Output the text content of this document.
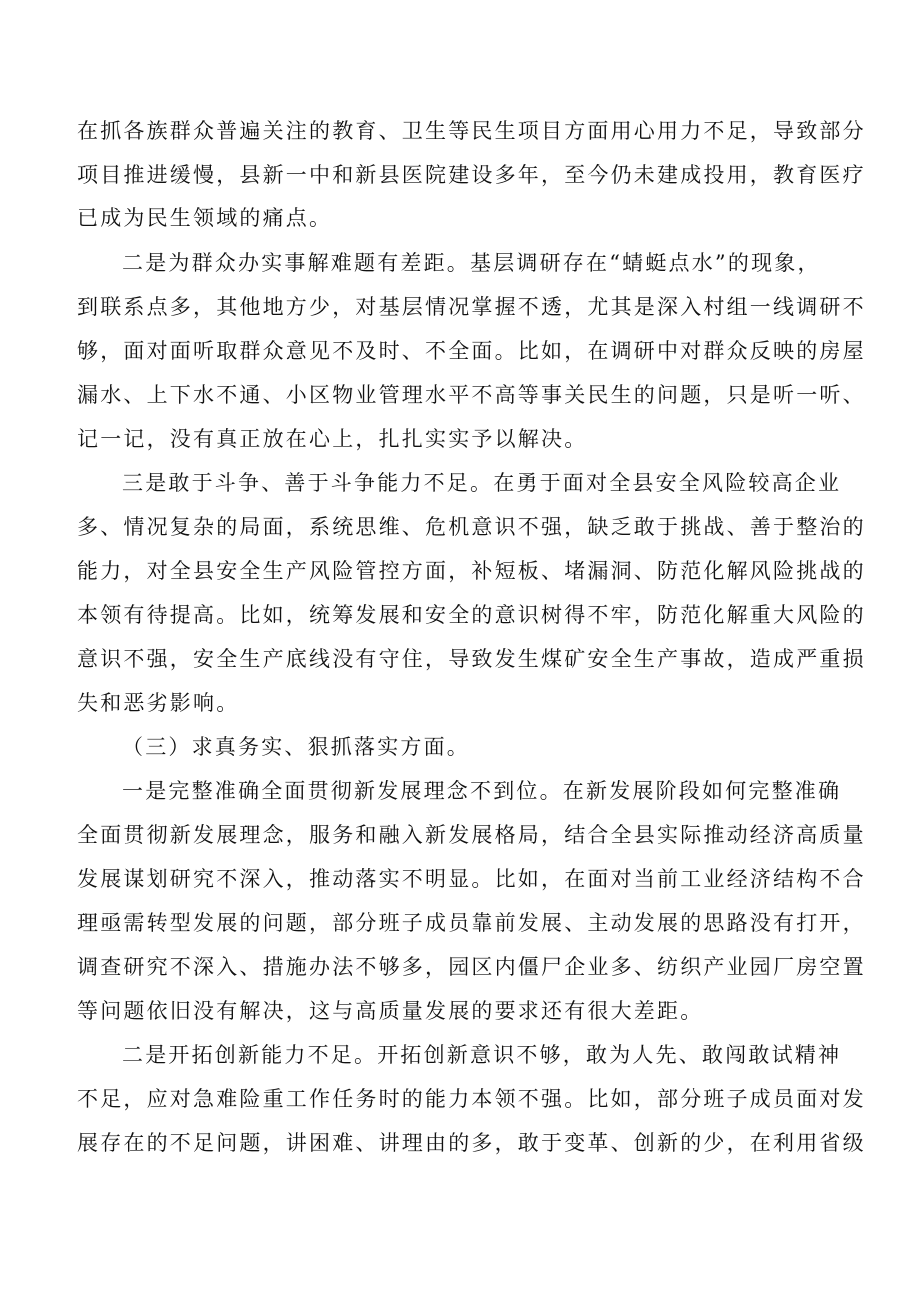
在抓各族群众普遍关注的教育、卫生等民生项目方面用心用力不足，导致部分
项目推进缓慢，县新一中和新县医院建设多年，至今仍未建成投用，教育医疗
已成为民生领域的痛点。
二是为群众办实事解难题有差距。基层调研存在“蜻蜓点水”的现象，
到联系点多，其他地方少，对基层情况掌握不透，尤其是深入村组一线调研不
够，面对面听取群众意见不及时、不全面。比如，在调研中对群众反映的房屋
漏水、上下水不通、小区物业管理水平不高等事关民生的问题，只是听一听、
记一记，没有真正放在心上，扎扎实实予以解决。
三是敢于斗争、善于斗争能力不足。在勇于面对全县安全风险较高企业
多、情况复杂的局面，系统思维、危机意识不强，缺乏敢于挑战、善于整治的
能力，对全县安全生产风险管控方面，补短板、堵漏洞、防范化解风险挑战的
本领有待提高。比如，统筹发展和安全的意识树得不牢，防范化解重大风险的
意识不强，安全生产底线没有守住，导致发生煤矿安全生产事故，造成严重损
失和恶劣影响。
（三）求真务实、狠抓落实方面。
一是完整准确全面贯彻新发展理念不到位。在新发展阶段如何完整准确
全面贯彻新发展理念，服务和融入新发展格局，结合全县实际推动经济高质量
发展谋划研究不深入，推动落实不明显。比如，在面对当前工业经济结构不合
理亟需转型发展的问题，部分班子成员靠前发展、主动发展的思路没有打开，
调查研究不深入、措施办法不够多，园区内僵尸企业多、纺织产业园厂房空置
等问题依旧没有解决，这与高质量发展的要求还有很大差距。
二是开拓创新能力不足。开拓创新意识不够，敢为人先、敢闯敢试精神
不足，应对急难险重工作任务时的能力本领不强。比如，部分班子成员面对发
展存在的不足问题，讲困难、讲理由的多，敢于变革、创新的少，在利用省级
